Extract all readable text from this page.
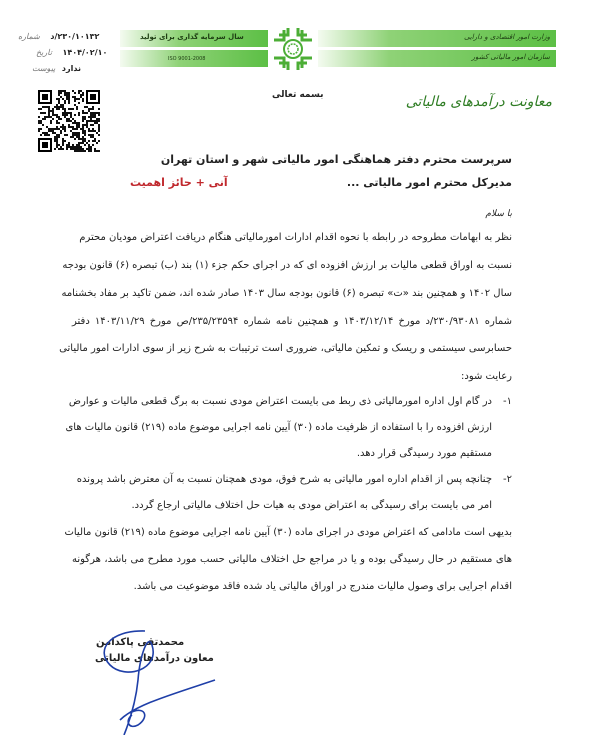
وزارت امور اقتصادی و دارایی
سازمان امور مالیاتی کشور
سال سرمایه گذاری برای تولید
ISO 9001-2008
۲۳۰/۱۰۱۳۲/د شماره
۱۴۰۴/۰۲/۱۰ تاریخ
ندارد پیوست
بسمه تعالی	معاونت درآمدهای مالیاتی
سرپرست محترم دفتر هماهنگی امور مالیاتی شهر و استان تهران
مدیرکل محترم امور مالیاتی ...
آنی + حائز اهمیت
با سلام
نظر به ابهامات مطروحه در رابطه با نحوه اقدام ادارات امورمالیاتی هنگام دریافت اعتراض مودیان محترم
نسبت به اوراق قطعی مالیات بر ارزش افزوده ای که در اجرای حکم جزء (۱) بند (ب) تبصره (۶) قانون بودجه
سال ۱۴۰۲ و همچنین بند «ت» تبصره (۶) قانون بودجه سال ۱۴۰۳ صادر شده اند، ضمن تاکید بر مفاد بخشنامه
شماره ۲۳۰/۹۳۰۸۱/د مورخ ۱۴۰۳/۱۲/۱۴ و همچنین نامه شماره ۲۳۵/۲۳۵۹۴/ص مورخ ۱۴۰۳/۱۱/۲۹ دفتر
حسابرسی سیستمی و ریسک و تمکین مالیاتی، ضروری است ترتیبات به شرح زیر از سوی ادارات امور مالیاتی
رعایت شود:
۱-
در گام اول اداره امورمالیاتی ذی ربط می بایست اعتراض مودی نسبت به برگ قطعی مالیات و عوارض
ارزش افزوده را با استفاده از ظرفیت ماده (۳۰) آیین نامه اجرایی موضوع ماده (۲۱۹) قانون مالیات های
مستقیم مورد رسیدگی قرار دهد.
۲-
چنانچه پس از اقدام اداره امور مالیاتی به شرح فوق، مودی همچنان نسبت به آن معترض باشد پرونده
امر می بایست برای رسیدگی به اعتراض مودی به هیات حل اختلاف مالیاتی ارجاع گردد.
بدیهی است مادامی که اعتراض مودی در اجرای ماده (۳۰) آیین نامه اجرایی موضوع ماده (۲۱۹) قانون مالیات
های مستقیم در حال رسیدگی بوده و یا در مراجع حل اختلاف مالیاتی حسب مورد مطرح می باشد، هرگونه
اقدام اجرایی برای وصول مالیات مندرج در اوراق مالیاتی یاد شده فاقد موضوعیت می باشد.
محمدتقی پاکدامن
معاون درآمدهای مالیاتی
